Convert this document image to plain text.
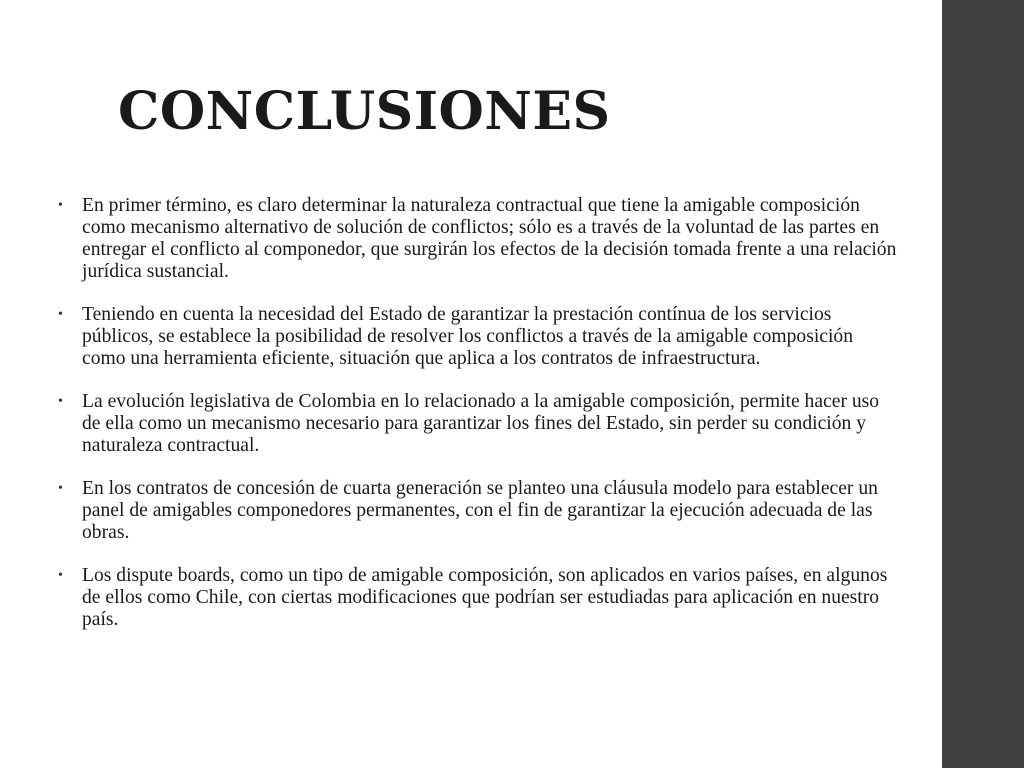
CONCLUSIONES
• En primer término, es claro determinar la naturaleza contractual que tiene la amigable composición como mecanismo alternativo de solución de conflictos; sólo es a través de la voluntad de las partes en entregar el conflicto al componedor, que surgirán los efectos de la decisión tomada frente a una relación jurídica sustancial.
• Teniendo en cuenta la necesidad del Estado de garantizar la prestación contínua de los servicios públicos, se establece la posibilidad de resolver los conflictos a través de la amigable composición como una herramienta eficiente, situación que aplica a los contratos de infraestructura.
• La evolución legislativa de Colombia en lo relacionado a la amigable composición, permite hacer uso de ella como un mecanismo necesario para garantizar los fines del Estado, sin perder su condición y naturaleza contractual.
• En los contratos de concesión de cuarta generación se planteo una cláusula modelo para establecer un panel de amigables componedores permanentes, con el fin de garantizar la ejecución adecuada de las obras.
• Los dispute boards, como un tipo de amigable composición, son aplicados en varios países, en algunos de ellos como Chile, con ciertas modificaciones que podrían ser estudiadas para aplicación en nuestro país.
